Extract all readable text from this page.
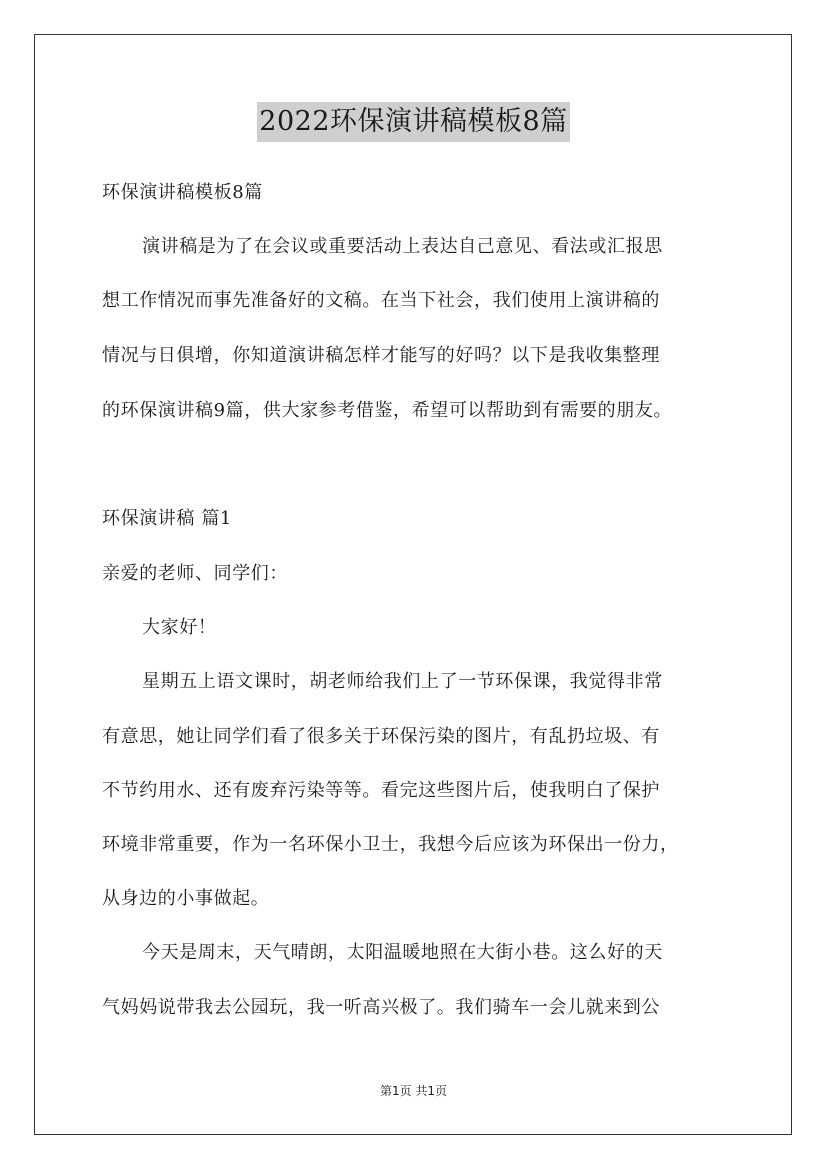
2022环保演讲稿模板8篇
环保演讲稿模板8篇
演讲稿是为了在会议或重要活动上表达自己意见、看法或汇报思
想工作情况而事先准备好的文稿。在当下社会，我们使用上演讲稿的
情况与日俱增，你知道演讲稿怎样才能写的好吗？以下是我收集整理
的环保演讲稿9篇，供大家参考借鉴，希望可以帮助到有需要的朋友。
环保演讲稿 篇1
亲爱的老师、同学们：
大家好！
星期五上语文课时，胡老师给我们上了一节环保课，我觉得非常
有意思，她让同学们看了很多关于环保污染的图片，有乱扔垃圾、有
不节约用水、还有废弃污染等等。看完这些图片后，使我明白了保护
环境非常重要，作为一名环保小卫士，我想今后应该为环保出一份力，
从身边的小事做起。
今天是周末，天气晴朗，太阳温暖地照在大街小巷。这么好的天
气妈妈说带我去公园玩，我一听高兴极了。我们骑车一会儿就来到公
第1页 共1页
